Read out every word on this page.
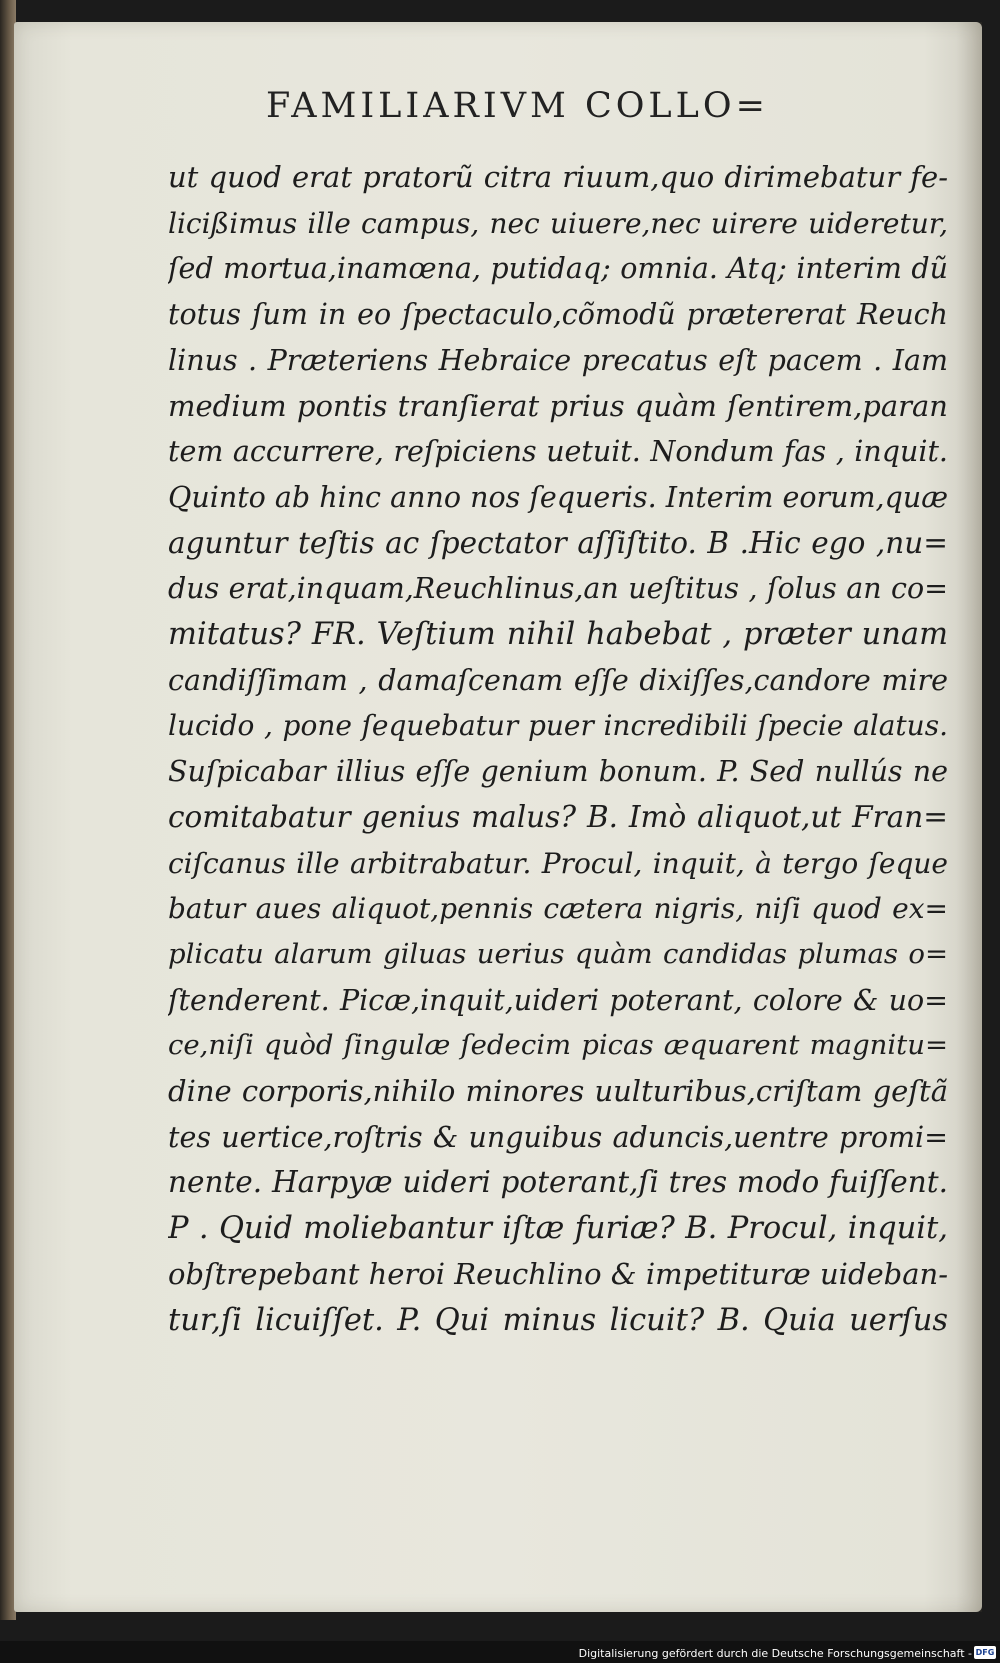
FAMILIARIVM COLLO=
ut quod erat pratorũ citra riuum,quo dirimebatur fe-
licißimus ille campus, nec uiuere,nec uirere uideretur,
ſed mortua,inamœna, putidaq; omnia. Atq; interim dũ
totus ſum in eo ſpectaculo,cõmodũ prætererat Reuch
linus . Præteriens Hebraice precatus eſt pacem . Iam
medium pontis tranſierat prius quàm ſentirem,paran
tem accurrere, reſpiciens uetuit. Nondum fas , inquit.
Quinto ab hinc anno nos ſequeris. Interim eorum,quæ
aguntur teſtis ac ſpectator aſſiſtito. B .Hic ego ,nu=
dus erat,inquam,Reuchlinus,an ueſtitus , ſolus an co=
mitatus? FR. Veſtium nihil habebat , præter unam
candiſſimam , damaſcenam eſſe dixiſſes,candore mire
lucido , pone ſequebatur puer incredibili ſpecie alatus.
Suſpicabar illius eſſe genium bonum. P. Sed nullús ne
comitabatur genius malus? B. Imò aliquot,ut Fran=
ciſcanus ille arbitrabatur. Procul, inquit, à tergo ſeque
batur aues aliquot,pennis cætera nigris, niſi quod ex=
plicatu alarum giluas uerius quàm candidas plumas o=
ſtenderent. Picæ,inquit,uideri poterant, colore & uo=
ce,niſi quòd ſingulæ ſedecim picas æquarent magnitu=
dine corporis,nihilo minores uulturibus,criſtam geſtã
tes uertice,roſtris & unguibus aduncis,uentre promi=
nente. Harpyæ uideri poterant,ſi tres modo fuiſſent.
P . Quid moliebantur iſtæ furiæ? B. Procul, inquit,
obſtrepebant heroi Reuchlino & impetituræ uideban-
tur,ſi licuiſſet. P. Qui minus licuit? B. Quia uerſus
Digitalisierung gefördert durch die Deutsche Forschungsgemeinschaft - DFG
